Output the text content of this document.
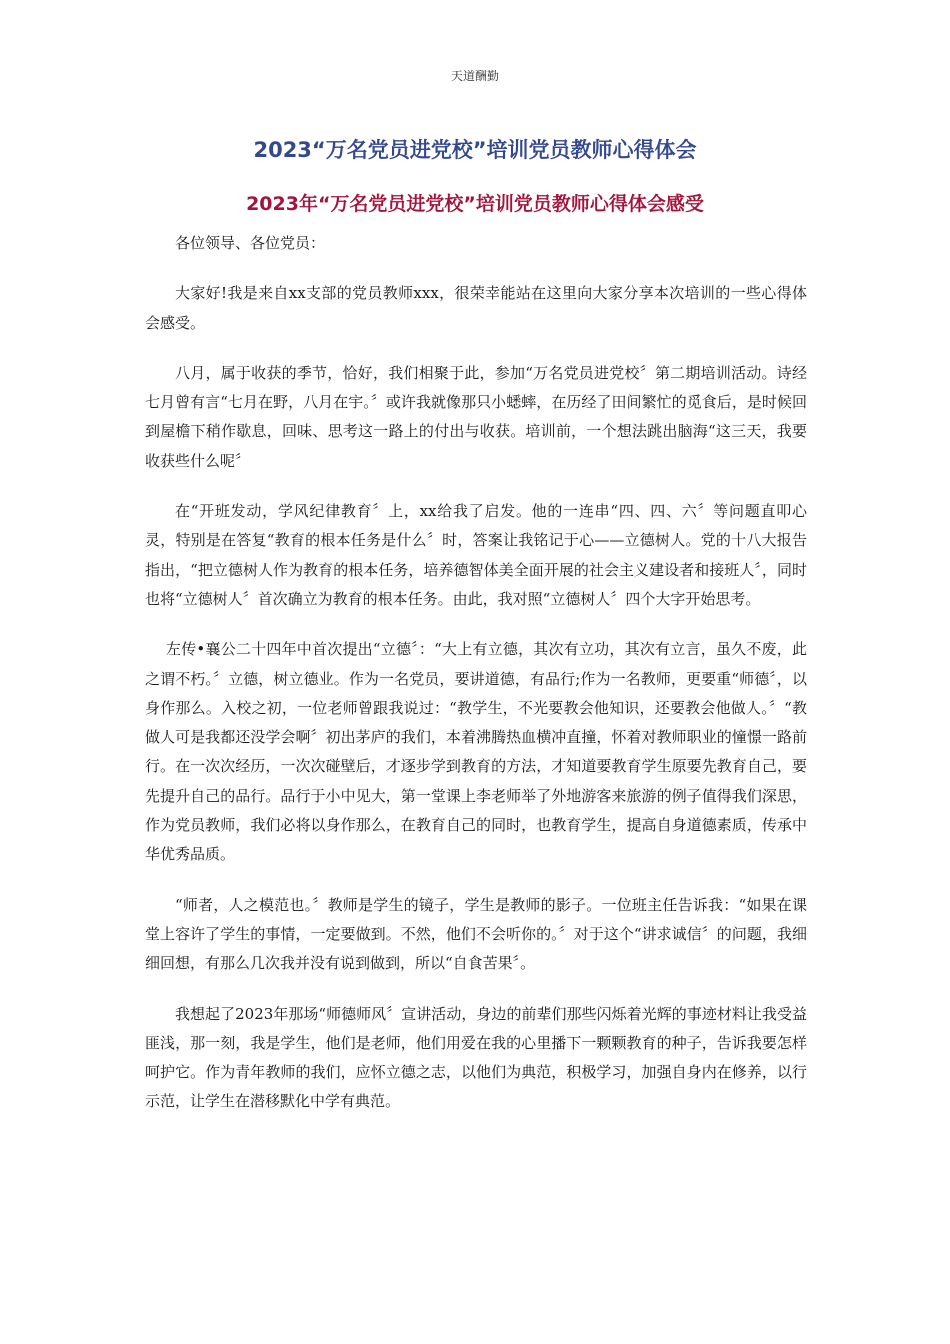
天道酬勤
2023“万名党员进党校”培训党员教师心得体会
2023年“万名党员进党校”培训党员教师心得体会感受

各位领导、各位党员：

大家好!我是来自xx支部的党员教师xxx，很荣幸能站在这里向大家分享本次培训的一些心得体会感受。

八月，属于收获的季节，恰好，我们相聚于此，参加“万名党员进党校〞第二期培训活动。诗经七月曾有言“七月在野，八月在宇。〞或许我就像那只小蟋蟀，在历经了田间繁忙的觅食后，是时候回到屋檐下稍作歇息，回味、思考这一路上的付出与收获。培训前，一个想法跳出脑海“这三天，我要收获些什么呢〞

在“开班发动，学风纪律教育〞上，xx给我了启发。他的一连串“四、四、六〞等问题直叩心灵，特别是在答复“教育的根本任务是什么〞时，答案让我铭记于心——立德树人。党的十八大报告指出，“把立德树人作为教育的根本任务，培养德智体美全面开展的社会主义建设者和接班人〞，同时也将“立德树人〞首次确立为教育的根本任务。由此，我对照“立德树人〞四个大字开始思考。

左传•襄公二十四年中首次提出“立德〞：“大上有立德，其次有立功，其次有立言，虽久不废，此之谓不朽。〞立德，树立德业。作为一名党员，要讲道德，有品行;作为一名教师，更要重“师德〞，以身作那么。入校之初，一位老师曾跟我说过：“教学生，不光要教会他知识，还要教会他做人。〞“教做人可是我都还没学会啊〞初出茅庐的我们，本着沸腾热血横冲直撞，怀着对教师职业的憧憬一路前行。在一次次经历，一次次碰壁后，才逐步学到教育的方法，才知道要教育学生原要先教育自己，要先提升自己的品行。品行于小中见大，第一堂课上李老师举了外地游客来旅游的例子值得我们深思，作为党员教师，我们必将以身作那么，在教育自己的同时，也教育学生，提高自身道德素质，传承中华优秀品质。

“师者，人之模范也。〞教师是学生的镜子，学生是教师的影子。一位班主任告诉我：“如果在课堂上容许了学生的事情，一定要做到。不然，他们不会听你的。〞对于这个“讲求诚信〞的问题，我细细回想，有那么几次我并没有说到做到，所以“自食苦果〞。

我想起了2023年那场“师德师风〞宣讲活动，身边的前辈们那些闪烁着光辉的事迹材料让我受益匪浅，那一刻，我是学生，他们是老师，他们用爱在我的心里播下一颗颗教育的种子，告诉我要怎样呵护它。作为青年教师的我们，应怀立德之志，以他们为典范，积极学习，加强自身内在修养，以行示范，让学生在潜移默化中学有典范。
